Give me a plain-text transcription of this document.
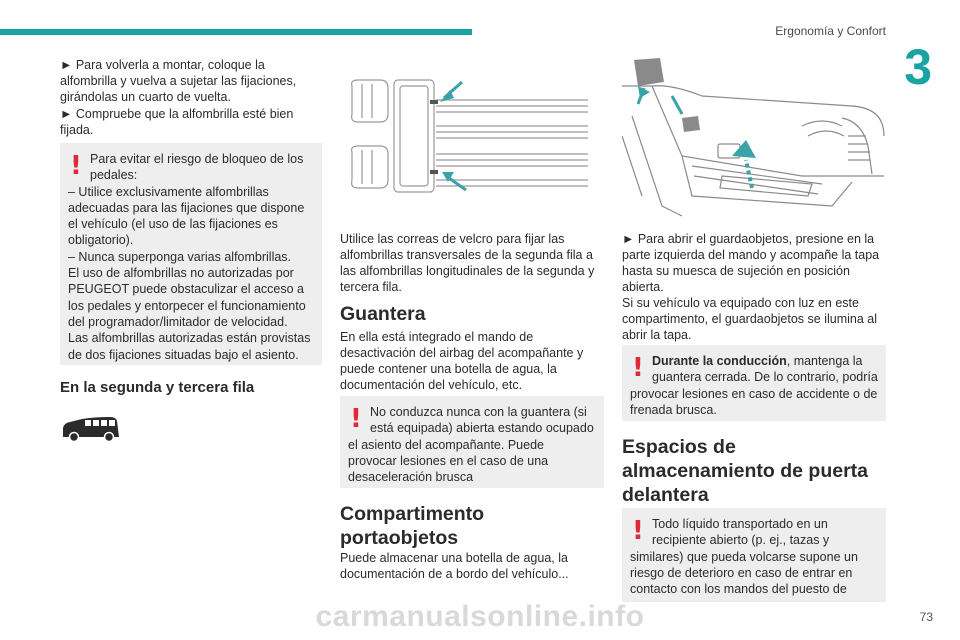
Ergonomía y Confort
3

► Para volverla a montar, coloque la alfombrilla y vuelva a sujetar las fijaciones, girándolas un cuarto de vuelta.

► Compruebe que la alfombrilla esté bien fijada.

! Para evitar el riesgo de bloqueo de los pedales:
– Utilice exclusivamente alfombrillas adecuadas para las fijaciones que dispone el vehículo (el uso de las fijaciones es obligatorio).
– Nunca superponga varias alfombrillas.
El uso de alfombrillas no autorizadas por PEUGEOT puede obstaculizar el acceso a los pedales y entorpecer el funcionamiento del programador/limitador de velocidad.
Las alfombrillas autorizadas están provistas de dos fijaciones situadas bajo el asiento.
En la segunda y tercera fila

Utilice las correas de velcro para fijar las alfombrillas transversales de la segunda fila a las alfombrillas longitudinales de la segunda y tercera fila.

Guantera

En ella está integrado el mando de desactivación del airbag del acompañante y puede contener una botella de agua, la documentación del vehículo, etc.

! No conduzca nunca con la guantera (si está equipada) abierta estando ocupado
el asiento del acompañante. Puede provocar lesiones en el caso de una desaceleración brusca
Compartimento portaobjetos

Puede almacenar una botella de agua, la documentación de a bordo del vehículo...

► Para abrir el guardaobjetos, presione en la parte izquierda del mando y acompañe la tapa hasta su muesca de sujeción en posición abierta.

Si su vehículo va equipado con luz en este compartimento, el guardaobjetos se ilumina al abrir la tapa.

! Durante la conducción, mantenga la guantera cerrada. De lo contrario, podría
provocar lesiones en caso de accidente o de frenada brusca.
Espacios de almacenamiento de puerta delantera
! Todo líquido transportado en un recipiente abierto (p. ej., tazas y
similares) que pueda volcarse supone un riesgo de deterioro en caso de entrar en contacto con los mandos del puesto de
carmanualsonline.info	73
